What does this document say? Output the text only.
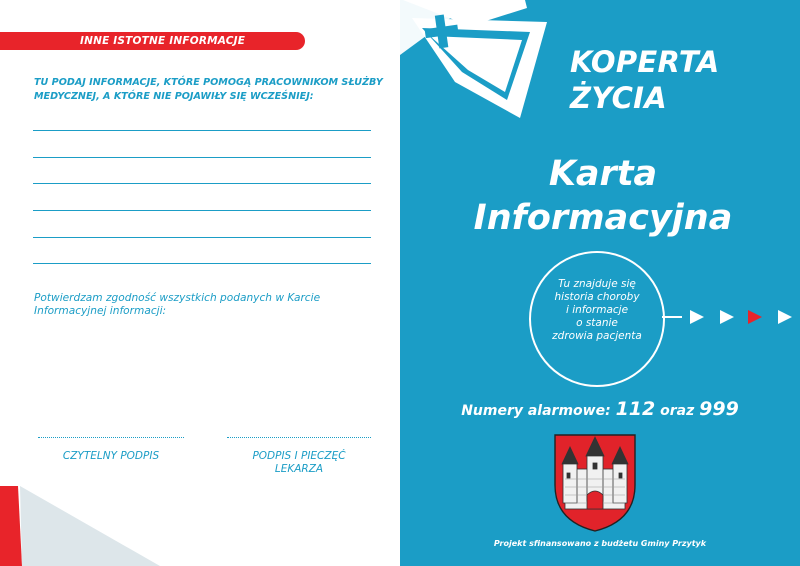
INNE ISTOTNE INFORMACJE
TU PODAJ INFORMACJE, KTÓRE POMOGĄ PRACOWNIKOM SŁUŻBY MEDYCZNEJ, A KTÓRE NIE POJAWIŁY SIĘ WCZEŚNIEJ:
Potwierdzam zgodność wszystkich podanych w Karcie Informacyjnej informacji:
CZYTELNY PODPIS	PODPIS I PIECZĘĆ
LEKARZA
KOPERTA
ŻYCIA
Karta
Informacyjna
Tu znajduje się
historia choroby
i informacje
o stanie
zdrowia pacjenta
Numery alarmowe: 112 oraz 999
Projekt sfinansowano z budżetu Gminy Przytyk
